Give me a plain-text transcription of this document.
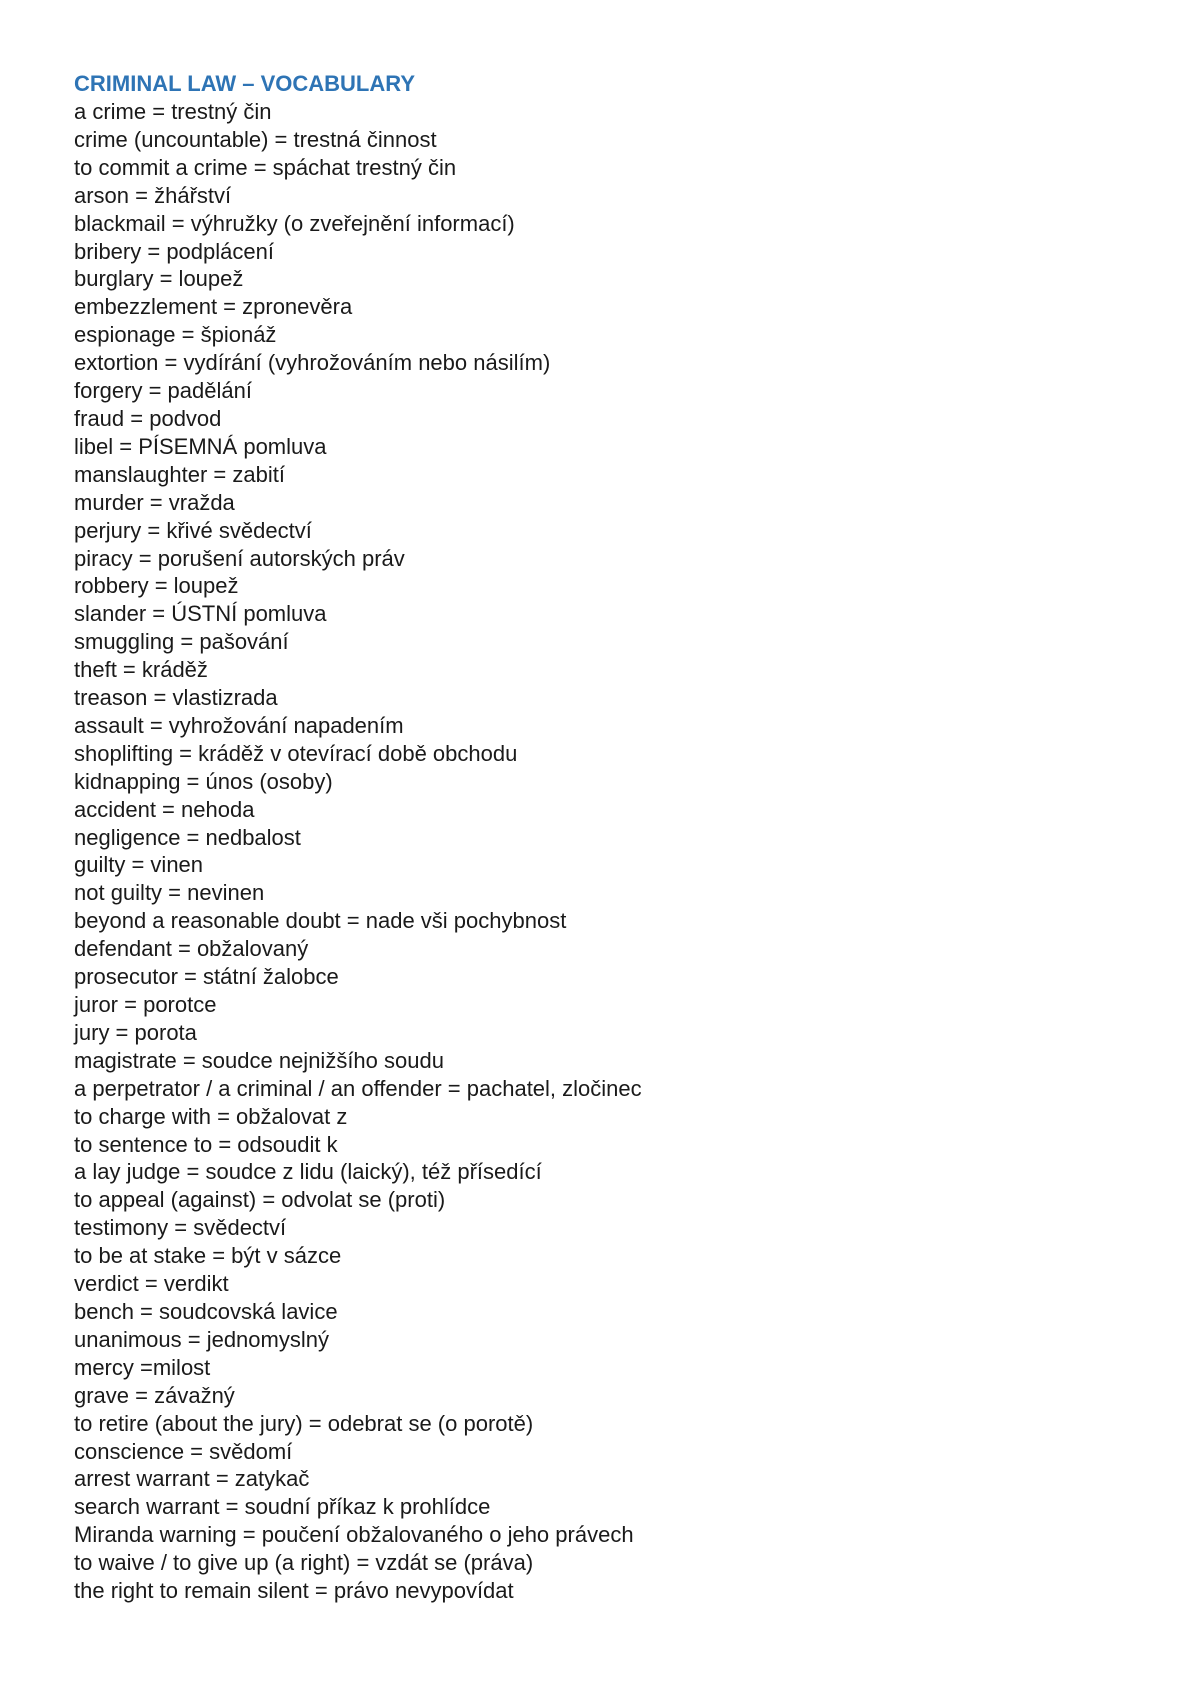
CRIMINAL LAW – VOCABULARY
a crime = trestný čin
crime (uncountable) = trestná činnost
to commit a crime = spáchat trestný čin
arson = žhářství
blackmail = výhružky (o zveřejnění informací)
bribery = podplácení
burglary = loupež
embezzlement = zpronevěra
espionage = špionáž
extortion = vydírání (vyhrožováním nebo násilím)
forgery = padělání
fraud = podvod
libel = PÍSEMNÁ pomluva
manslaughter = zabití
murder = vražda
perjury = křivé svědectví
piracy = porušení autorských práv
robbery = loupež
slander = ÚSTNÍ pomluva
smuggling = pašování
theft = kráděž
treason = vlastizrada
assault = vyhrožování napadením
shoplifting = kráděž v otevírací době obchodu
kidnapping = únos (osoby)
accident = nehoda
negligence = nedbalost
guilty = vinen
not guilty = nevinen
beyond a reasonable doubt = nade vši pochybnost
defendant = obžalovaný
prosecutor = státní žalobce
juror = porotce
jury = porota
magistrate = soudce nejnižšího soudu
a perpetrator / a criminal / an offender = pachatel, zločinec
to charge with = obžalovat z
to sentence to = odsoudit k
a lay judge = soudce z lidu (laický), též přísedící
to appeal (against) = odvolat se (proti)
testimony = svědectví
to be at stake = být v sázce
verdict = verdikt
bench = soudcovská lavice
unanimous = jednomyslný
mercy =milost
grave = závažný
to retire (about the jury) = odebrat se (o porotě)
conscience = svědomí
arrest warrant = zatykač
search warrant = soudní příkaz k prohlídce
Miranda warning = poučení obžalovaného o jeho právech
to waive / to give up (a right) = vzdát se (práva)
the right to remain silent = právo nevypovídat
